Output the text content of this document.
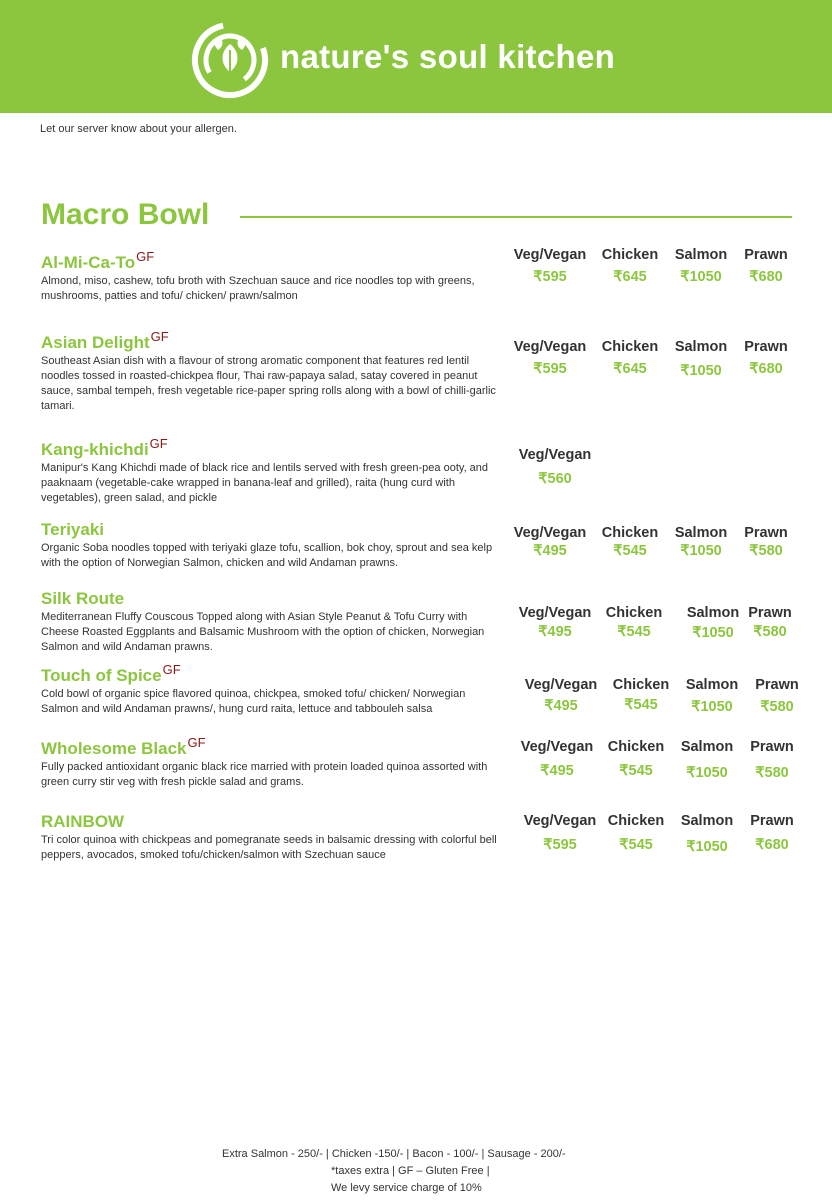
nature's soul kitchen
Let our server know about your allergen.
Macro Bowl
$Al-Mi-Ca-To^{GF}$
Almond, miso, cashew, tofu broth with Szechuan sauce and rice noodles top with greens, mushrooms, patties and tofu/ chicken/ prawn/salmon
Veg/Vegan
₹595
Chicken
₹645
Salmon
₹1050
Prawn
₹680
Asian Delight$^{GF}$
Southeast Asian dish with a flavour of strong aromatic component that features red lentil noodles tossed in roasted-chickpea flour, Thai raw-papaya salad, satay covered in peanut sauce, sambal tempeh, fresh vegetable rice-paper spring rolls along with a bowl of chilli-garlic tamari.
Veg/Vegan
₹595
Chicken
₹645
Salmon
₹1050
Prawn
₹680
Kang-khichdi$^{GF}$
Manipur's Kang Khichdi made of black rice and lentils served with fresh green-pea ooty, and paaknaam (vegetable-cake wrapped in banana-leaf and grilled), raita (hung curd with vegetables), green salad, and pickle
Veg/Vegan
₹560
Teriyaki
Organic Soba noodles topped with teriyaki glaze tofu, scallion, bok choy, sprout and sea kelp with the option of Norwegian Salmon, chicken and wild Andaman prawns.
Veg/Vegan
₹495
Chicken
₹545
Salmon
₹1050
Prawn
₹580
Silk Route
Mediterranean Fluffy Couscous Topped along with Asian Style Peanut & Tofu Curry with Cheese Roasted Eggplants and Balsamic Mushroom with the option of chicken, Norwegian Salmon and wild Andaman prawns.
Veg/Vegan
₹495
Chicken
₹545
Salmon
₹1050
Prawn
₹580
Touch of Spice$^{GF}$
Cold bowl of organic spice flavored quinoa, chickpea, smoked tofu/ chicken/ Norwegian Salmon and wild Andaman prawns/, hung curd raita, lettuce and tabbouleh salsa
Veg/Vegan
₹495
Chicken
₹545
Salmon
₹1050
Prawn
₹580
Wholesome Black$^{GF}$
Fully packed antioxidant organic black rice married with protein loaded quinoa assorted with green curry stir veg with fresh pickle salad and grams.
Veg/Vegan
₹495
Chicken
₹545
Salmon
₹1050
Prawn
₹580
RAINBOW
Tri color quinoa with chickpeas and pomegranate seeds in balsamic dressing with colorful bell peppers, avocados, smoked tofu/chicken/salmon with Szechuan sauce
Veg/Vegan
₹595
Chicken
₹545
Salmon
₹1050
Prawn
₹680
Extra Salmon - 250/- | Chicken -150/- | Bacon - 100/- | Sausage - 200/-
*taxes extra | GF – Gluten Free |
We levy service charge of 10%
